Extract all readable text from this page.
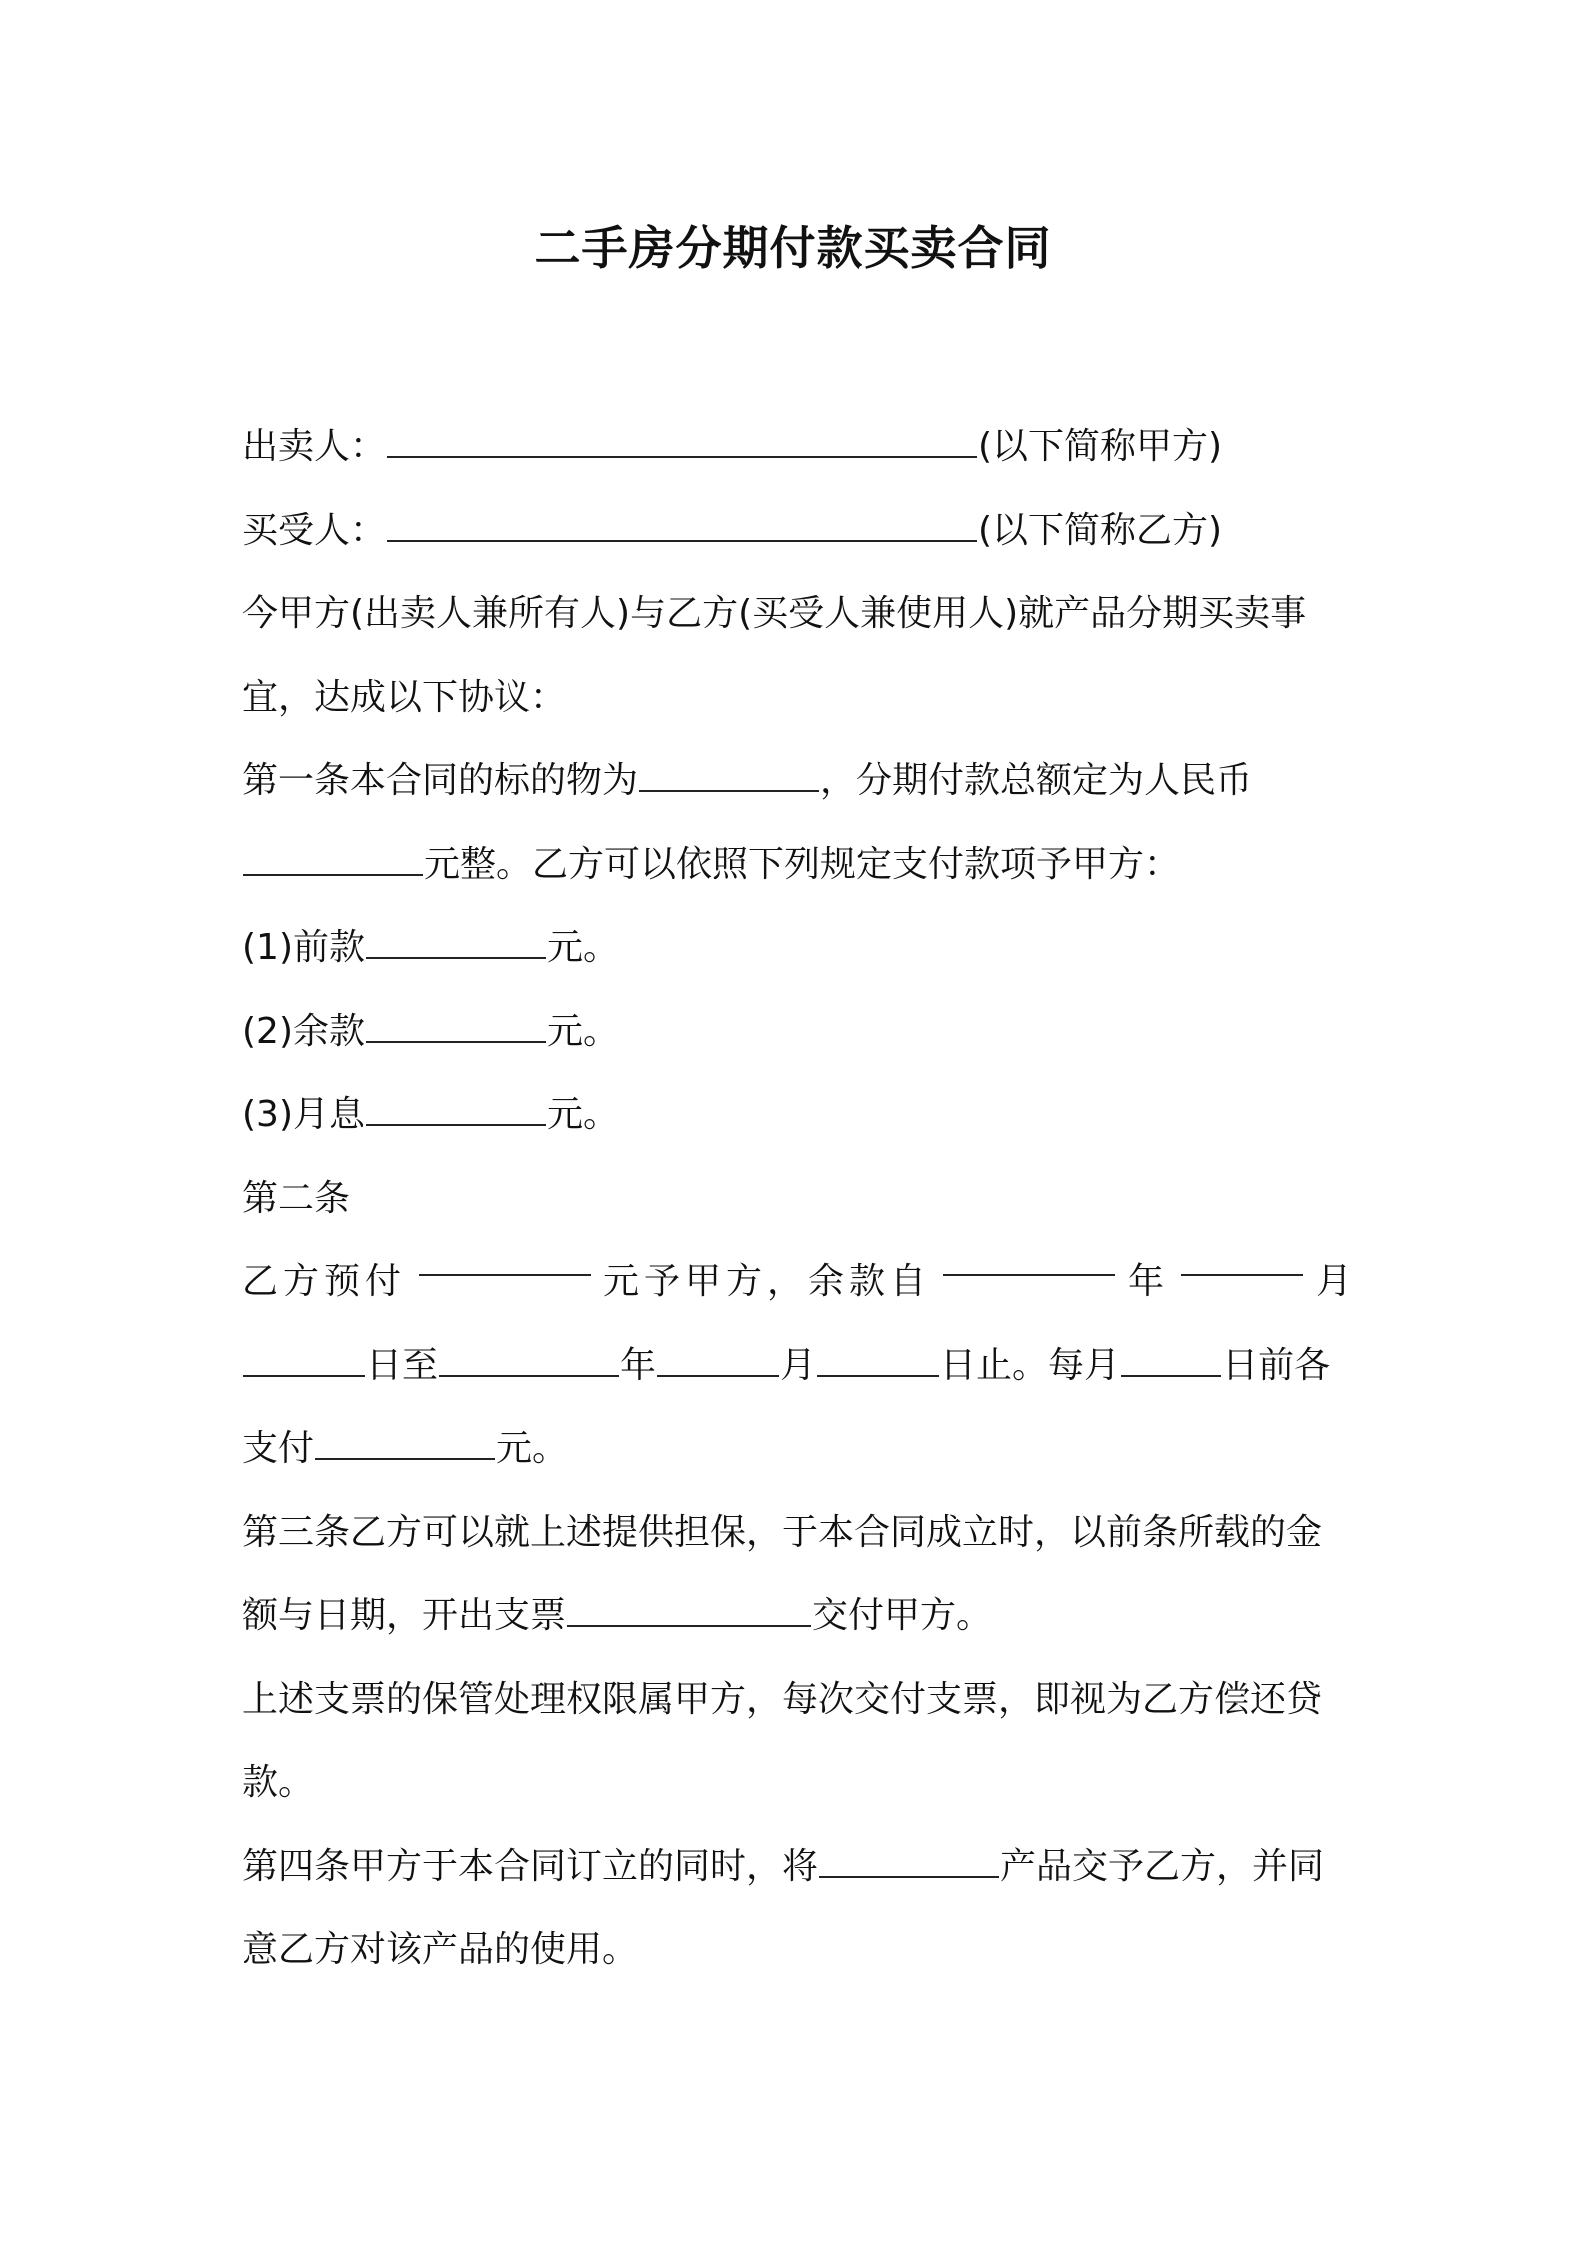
二手房分期付款买卖合同
出卖人：	(以下简称甲方)
买受人：	(以下简称乙方)
今甲方(出卖人兼所有人)与乙方(买受人兼使用人)就产品分期买卖事
宜，达成以下协议：
第一条本合同的标的物为	，分期付款总额定为人民币
元整。乙方可以依照下列规定支付款项予甲方：
(1)前款	元。
(2)余款	元。
(3)月息	元。
第二条
乙方预付	元予甲方，余款自	年	月
日至	年	月	日止。每月	日前各
支付	元。
第三条乙方可以就上述提供担保，于本合同成立时，以前条所载的金
额与日期，开出支票	交付甲方。
上述支票的保管处理权限属甲方，每次交付支票，即视为乙方偿还贷
款。
第四条甲方于本合同订立的同时，将	产品交予乙方，并同
意乙方对该产品的使用。
